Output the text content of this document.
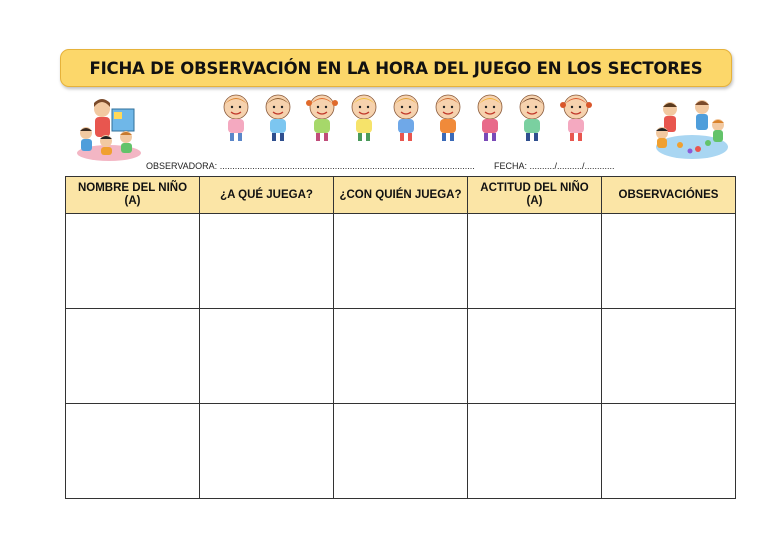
FICHA DE OBSERVACIÓN EN LA HORA DEL JUEGO EN LOS SECTORES
OBSERVADORA: ...................................................................................................... FECHA: ........../........../............
NOMBRE DEL NIÑO (A)	¿A QUÉ JUEGA?	¿CON QUIÉN JUEGA?	ACTITUD DEL NIÑO (A)	OBSERVACIÓNES
